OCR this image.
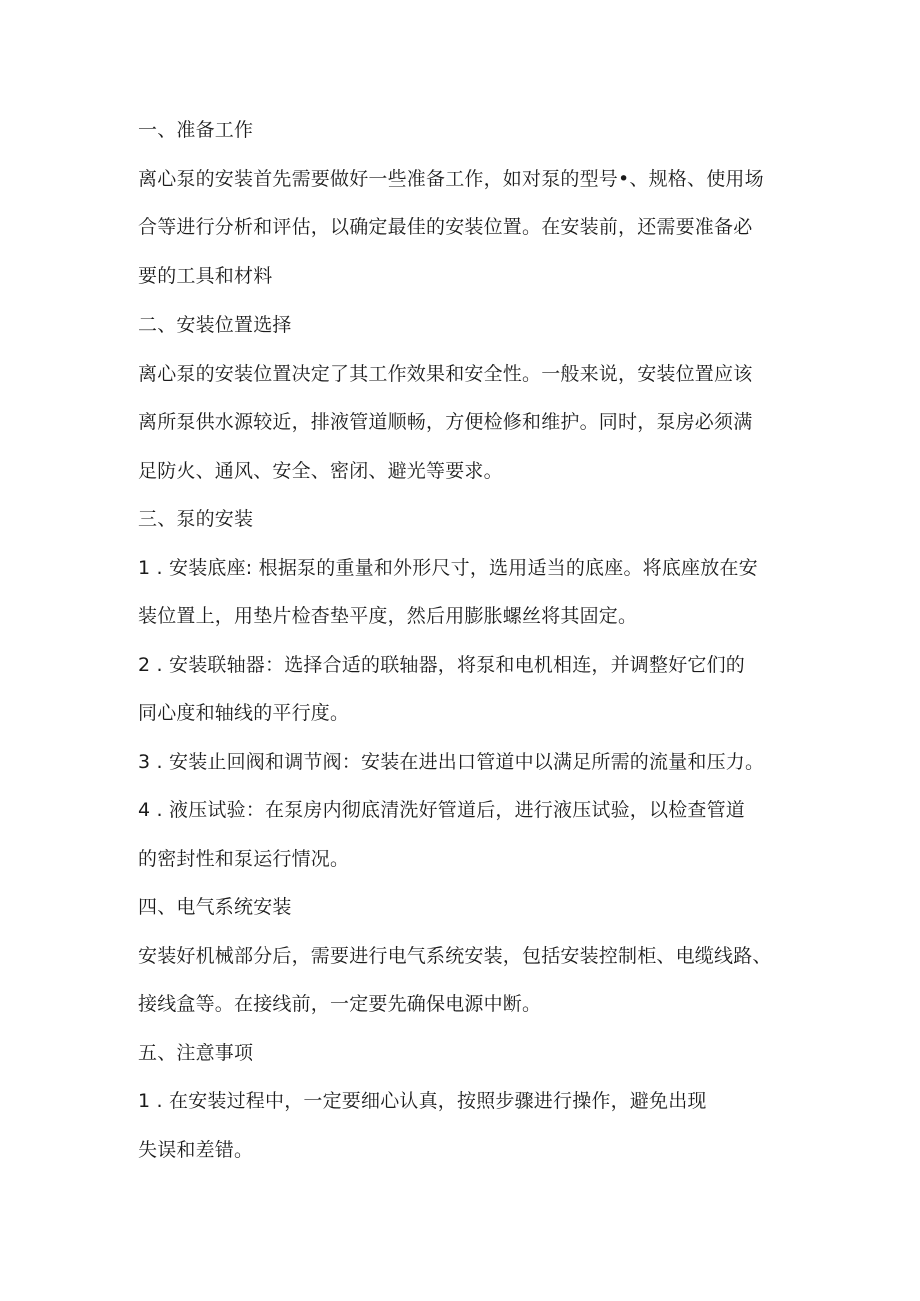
一、准备工作
离心泵的安装首先需要做好一些准备工作，如对泵的型号•、规格、使用场
合等进行分析和评估，以确定最佳的安装位置。在安装前，还需要准备必
要的工具和材料
二、安装位置选择
离心泵的安装位置决定了其工作效果和安全性。一般来说，安装位置应该
离所泵供水源较近，排液管道顺畅，方便检修和维护。同时，泵房必须满
足防火、通风、安全、密闭、避光等要求。
三、泵的安装
1 . 安装底座: 根据泵的重量和外形尺寸，选用适当的底座。将底座放在安
装位置上，用垫片检杳垫平度，然后用膨胀螺丝将其固定。
2 . 安装联轴器：选择合适的联轴器，将泵和电机相连，并调整好它们的
同心度和轴线的平行度。
3 . 安装止回阀和调节阀：安装在进出口管道中以满足所需的流量和压力。
4 . 液压试验：在泵房内彻底清洗好管道后，进行液压试验，以检查管道
的密封性和泵运行情况。
四、电气系统安装
安装好机械部分后，需要进行电气系统安装，包括安装控制柜、电缆线路、
接线盒等。在接线前，一定要先确保电源中断。
五、注意事项
1 . 在安装过程中，一定要细心认真，按照步骤进行操作，避免出现
失误和差错。
